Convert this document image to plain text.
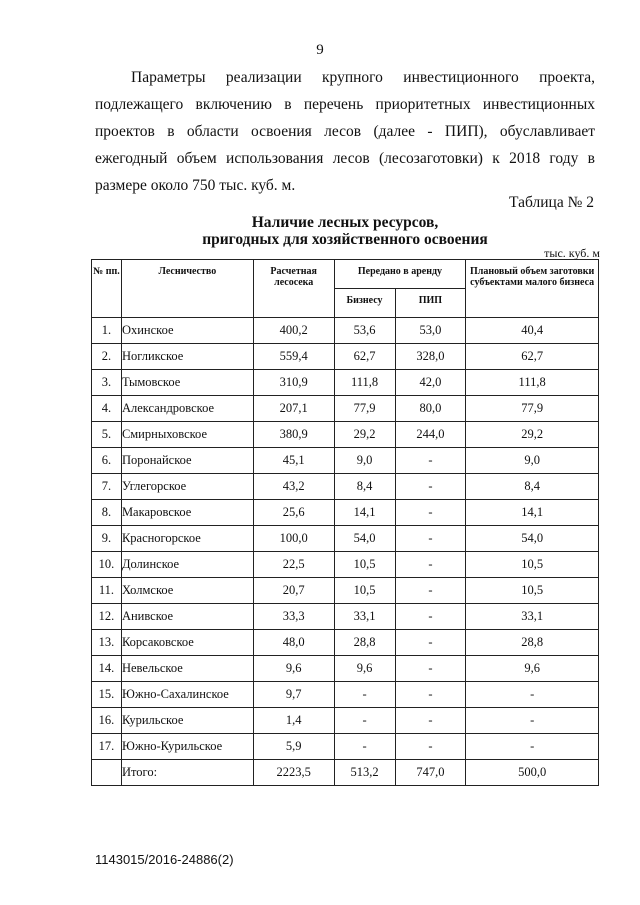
9

Параметры реализации крупного инвестиционного проекта, подлежащего включению в перечень приоритетных инвестиционных проектов в области освоения лесов (далее - ПИП), обуславливает ежегодный объем использования лесов (лесозаготовки) к 2018 году в размере около 750 тыс. куб. м.

Таблица № 2
Наличие лесных ресурсов,
пригодных для хозяйственного освоения
тыс. куб. м
№ пп.	Лесничество	Расчетная лесосека	Передано в аренду		Плановый объем заготовки субъектами малого бизнеса
			Бизнесу	ПИП	
1.	Охинское	400,2	53,6	53,0	40,4
2.	Ногликское	559,4	62,7	328,0	62,7
3.	Тымовское	310,9	111,8	42,0	111,8
4.	Александровское	207,1	77,9	80,0	77,9
5.	Смирныховское	380,9	29,2	244,0	29,2
6.	Поронайское	45,1	9,0	-	9,0
7.	Углегорское	43,2	8,4	-	8,4
8.	Макаровское	25,6	14,1	-	14,1
9.	Красногорское	100,0	54,0	-	54,0
10.	Долинское	22,5	10,5	-	10,5
11.	Холмское	20,7	10,5	-	10,5
12.	Анивское	33,3	33,1	-	33,1
13.	Корсаковское	48,0	28,8	-	28,8
14.	Невельское	9,6	9,6	-	9,6
15.	Южно-Сахалинское	9,7	-	-	-
16.	Курильское	1,4	-	-	-
17.	Южно-Курильское	5,9	-	-	-
	Итого:	2223,5	513,2	747,0	500,0
1143015/2016-24886(2)
